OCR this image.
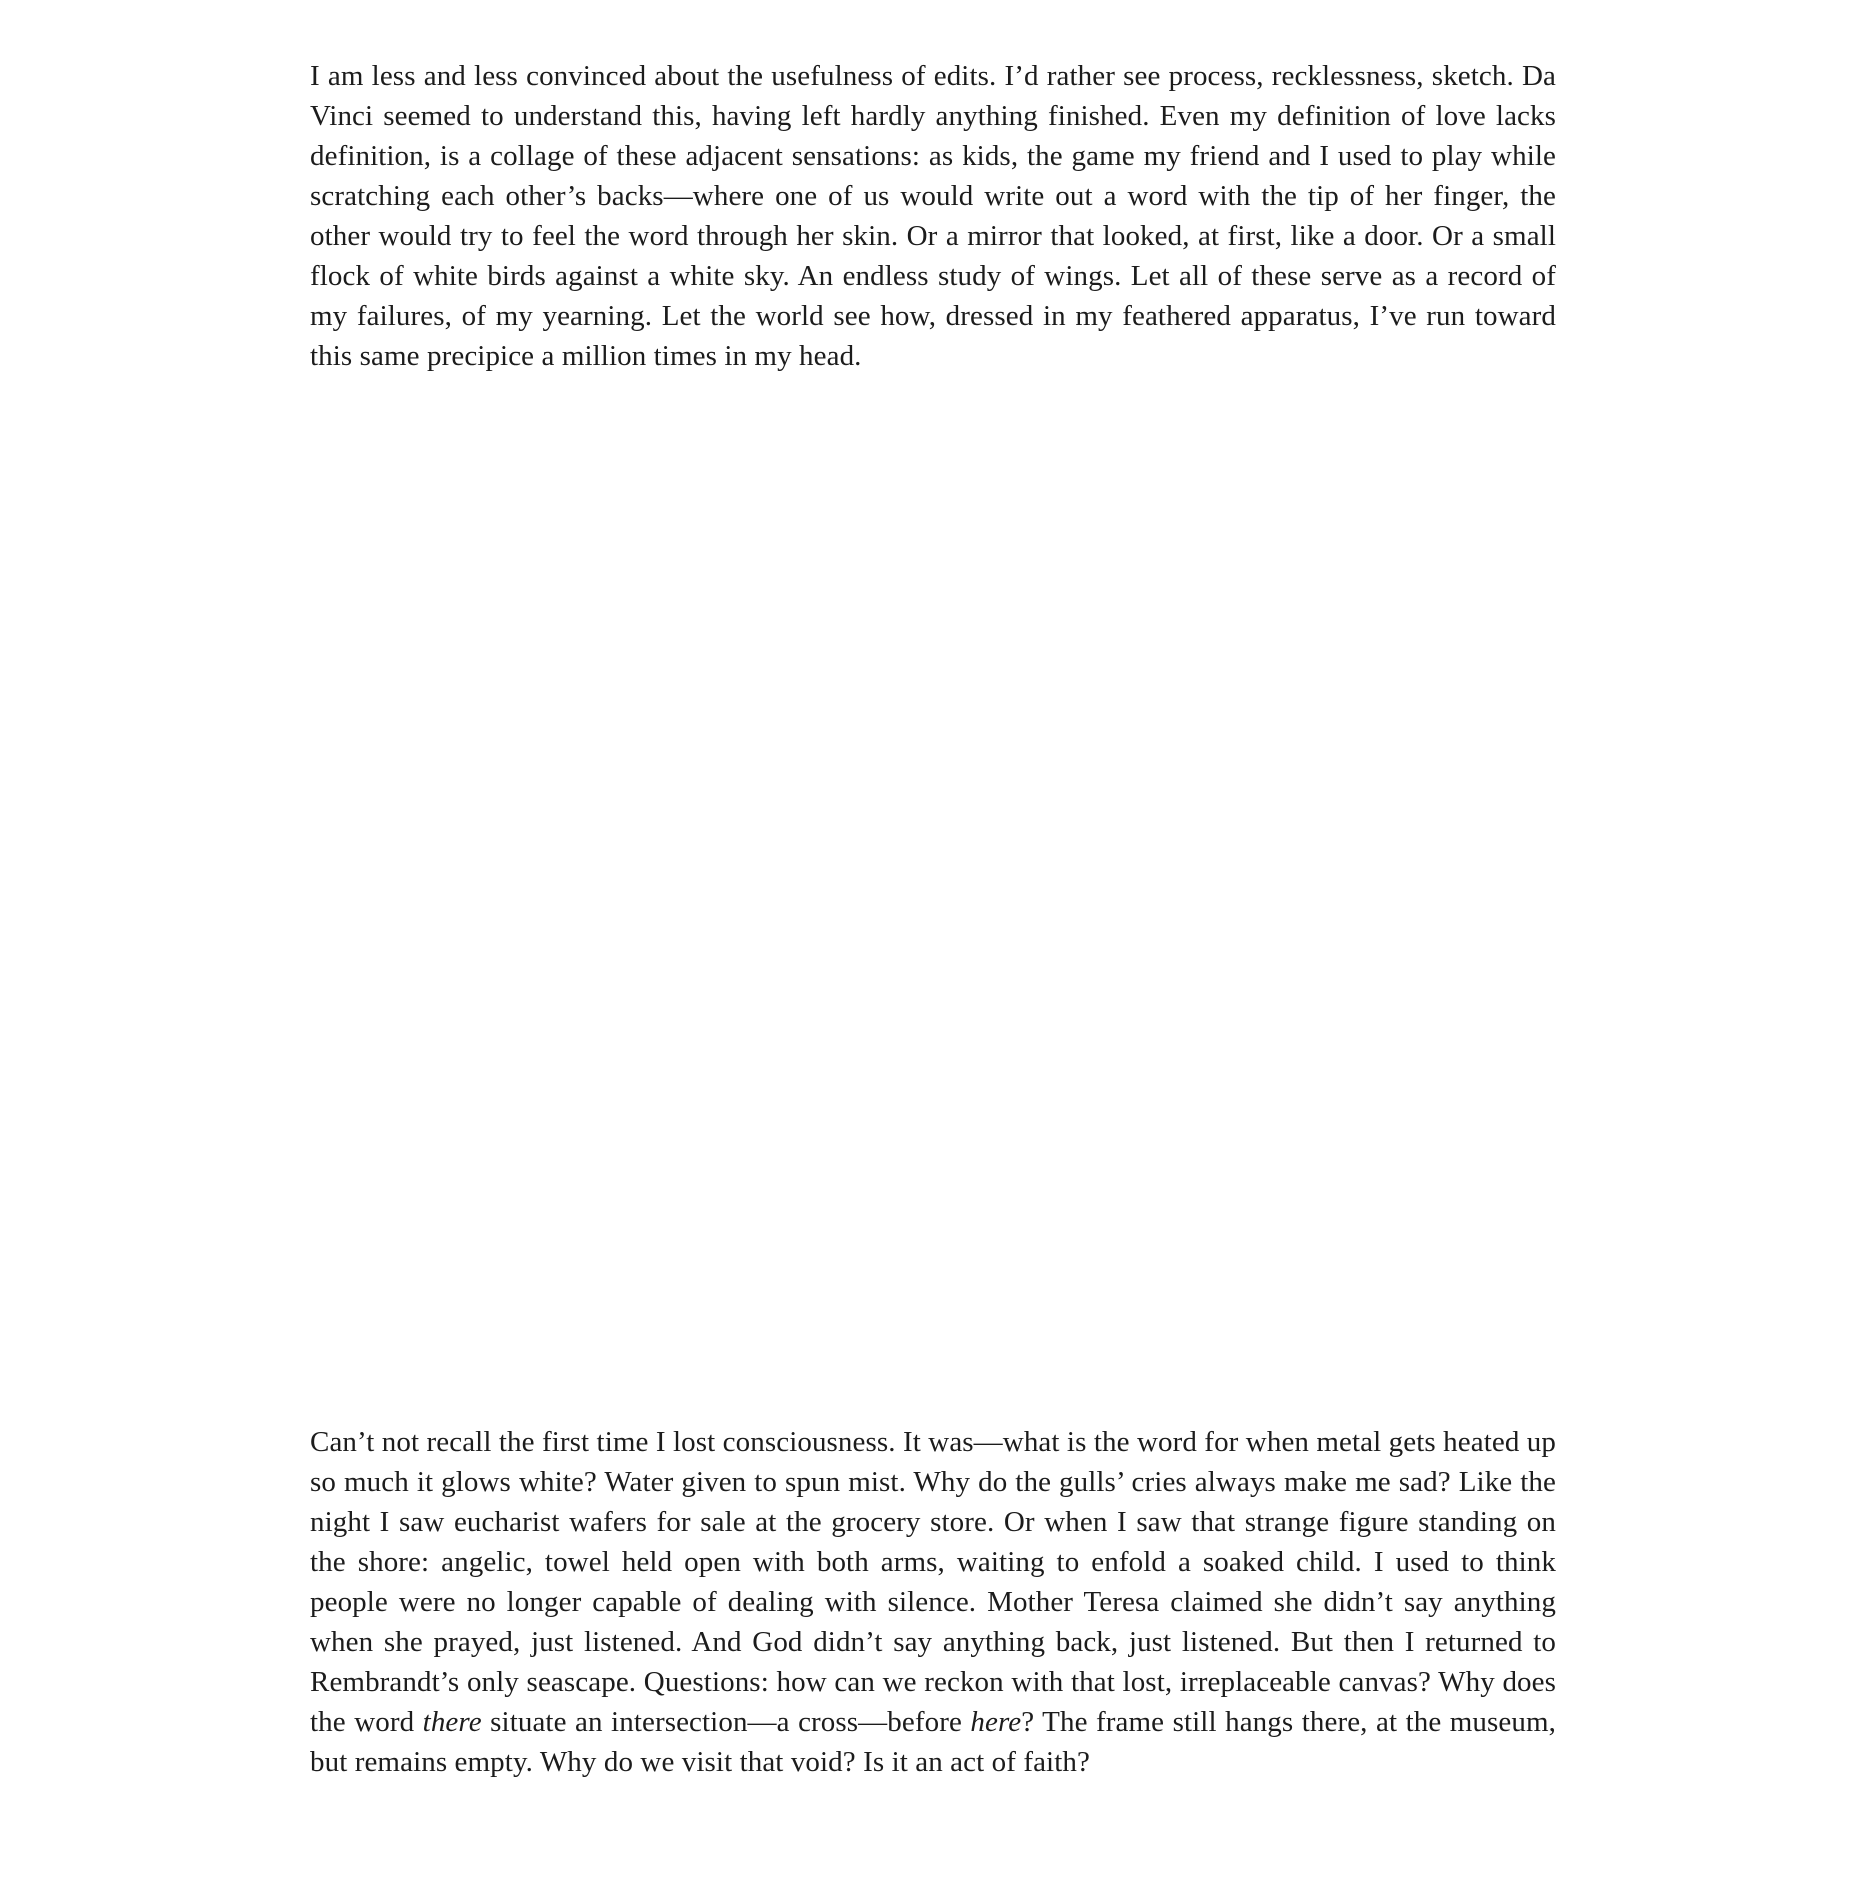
I am less and less convinced about the usefulness of edits. I’d rather see process, recklessness, sketch. Da Vinci seemed to understand this, having left hardly anything finished. Even my definition of love lacks definition, is a collage of these adjacent sensations: as kids, the game my friend and I used to play while scratching each other’s backs—where one of us would write out a word with the tip of her finger, the other would try to feel the word through her skin. Or a mirror that looked, at first, like a door. Or a small flock of white birds against a white sky. An endless study of wings. Let all of these serve as a record of my failures, of my yearning. Let the world see how, dressed in my feathered apparatus, I’ve run toward this same precipice a million times in my head.

Can’t not recall the first time I lost consciousness. It was—what is the word for when metal gets heated up so much it glows white? Water given to spun mist. Why do the gulls’ cries always make me sad? Like the night I saw eucharist wafers for sale at the grocery store. Or when I saw that strange figure standing on the shore: angelic, towel held open with both arms, waiting to enfold a soaked child. I used to think people were no longer capable of dealing with silence. Mother Teresa claimed she didn’t say anything when she prayed, just listened. And God didn’t say anything back, just listened. But then I returned to Rembrandt’s only seascape. Questions: how can we reckon with that lost, irreplaceable canvas? Why does the word there situate an intersection—a cross—before here? The frame still hangs there, at the museum, but remains empty. Why do we visit that void? Is it an act of faith?
